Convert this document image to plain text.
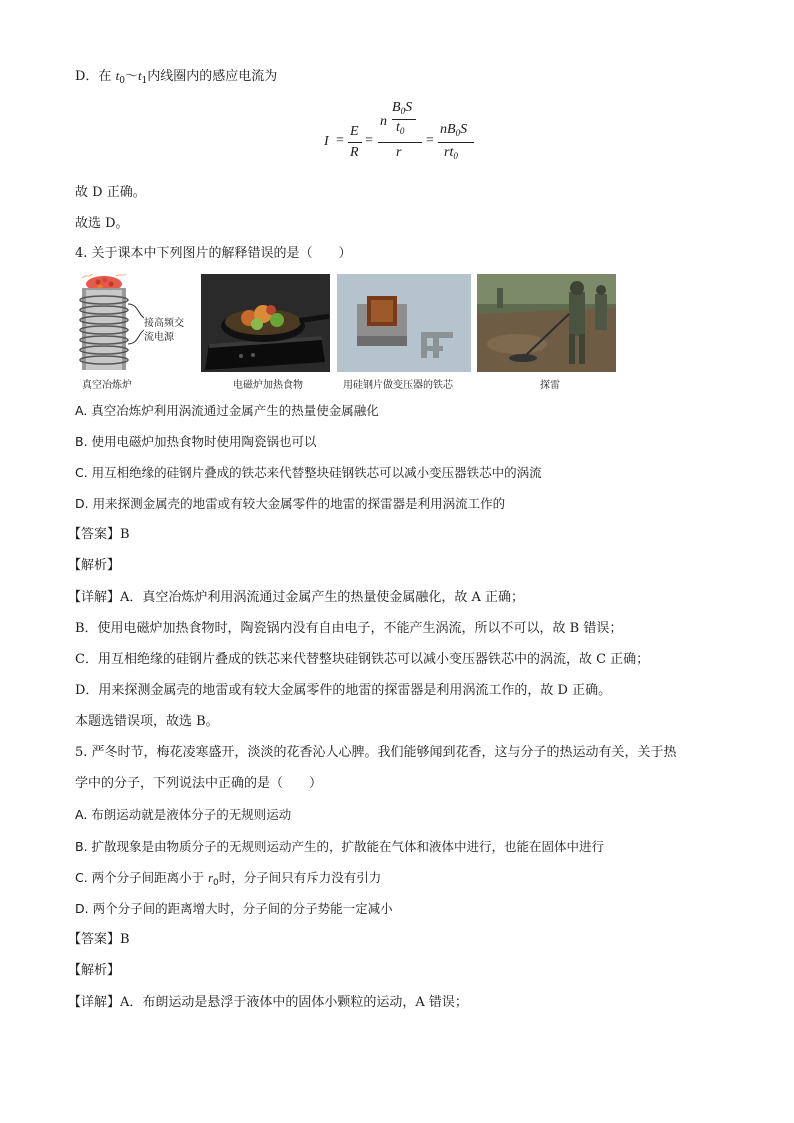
D．在 $t_0\sim t_1$内线圈内的感应电流为
I =
E
R
=
n
$B_0S$
$t_0$
r
=
$nB_0S$
$rt_0$
故 D 正确。
故选 D。
4. 关于课本中下列图片的解释错误的是（　　）
接高频交
流电源
真空冶炼炉	电磁炉加热食物	用硅钢片做变压器的铁芯	探雷
A. 真空冶炼炉利用涡流通过金属产生的热量使金属融化
B. 使用电磁炉加热食物时使用陶瓷锅也可以
C. 用互相绝缘的硅钢片叠成的铁芯来代替整块硅钢铁芯可以减小变压器铁芯中的涡流
D. 用来探测金属壳的地雷或有较大金属零件的地雷的探雷器是利用涡流工作的
【答案】B
【解析】
【详解】A．真空冶炼炉利用涡流通过金属产生的热量使金属融化，故 A 正确；
B．使用电磁炉加热食物时，陶瓷锅内没有自由电子，不能产生涡流，所以不可以，故 B 错误；
C．用互相绝缘的硅钢片叠成的铁芯来代替整块硅钢铁芯可以减小变压器铁芯中的涡流，故 C 正确；
D．用来探测金属壳的地雷或有较大金属零件的地雷的探雷器是利用涡流工作的，故 D 正确。
本题选错误项，故选 B。
5. 严冬时节，梅花凌寒盛开，淡淡的花香沁人心脾。我们能够闻到花香，这与分子的热运动有关，关于热
学中的分子，下列说法中正确的是（　　）
A. 布朗运动就是液体分子的无规则运动
B. 扩散现象是由物质分子的无规则运动产生的，扩散能在气体和液体中进行，也能在固体中进行
C. 两个分子间距离小于 $r_0$时，分子间只有斥力没有引力
D. 两个分子间的距离增大时，分子间的分子势能一定减小
【答案】B
【解析】
【详解】A．布朗运动是悬浮于液体中的固体小颗粒的运动，A 错误；
